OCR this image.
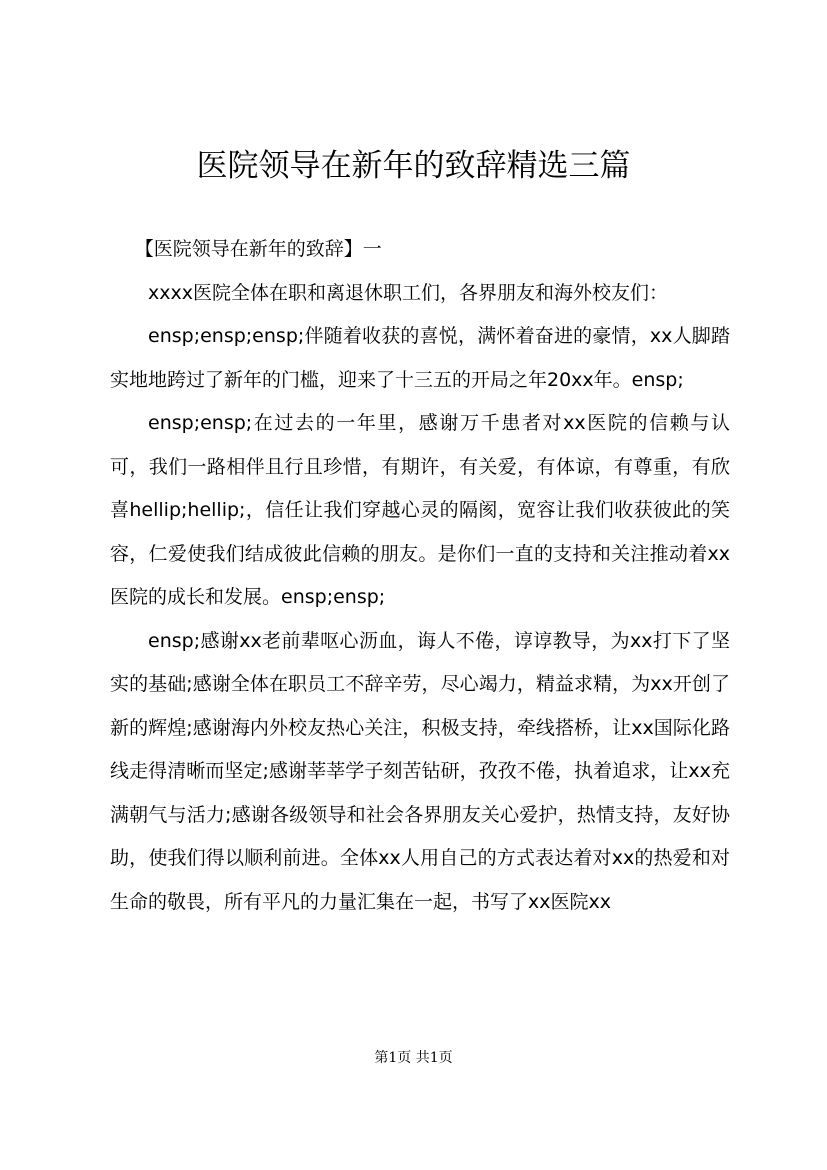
医院领导在新年的致辞精选三篇

【医院领导在新年的致辞】一

xxxx医院全体在职和离退休职工们，各界朋友和海外校友们：

ensp;ensp;ensp;伴随着收获的喜悦，满怀着奋进的豪情，xx人脚踏实地地跨过了新年的门槛，迎来了十三五的开局之年20xx年。ensp;

ensp;ensp;在过去的一年里，感谢万千患者对xx医院的信赖与认可，我们一路相伴且行且珍惜，有期许，有关爱，有体谅，有尊重，有欣喜hellip;hellip;，信任让我们穿越心灵的隔阂，宽容让我们收获彼此的笑容，仁爱使我们结成彼此信赖的朋友。是你们一直的支持和关注推动着xx医院的成长和发展。ensp;ensp;

ensp;感谢xx老前辈呕心沥血，诲人不倦，谆谆教导，为xx打下了坚实的基础;感谢全体在职员工不辞辛劳，尽心竭力，精益求精，为xx开创了新的辉煌;感谢海内外校友热心关注，积极支持，牵线搭桥，让xx国际化路线走得清晰而坚定;感谢莘莘学子刻苦钻研，孜孜不倦，执着追求，让xx充满朝气与活力;感谢各级领导和社会各界朋友关心爱护，热情支持，友好协助，使我们得以顺利前进。全体xx人用自己的方式表达着对xx的热爱和对生命的敬畏，所有平凡的力量汇集在一起，书写了xx医院xx

第1页 共1页
